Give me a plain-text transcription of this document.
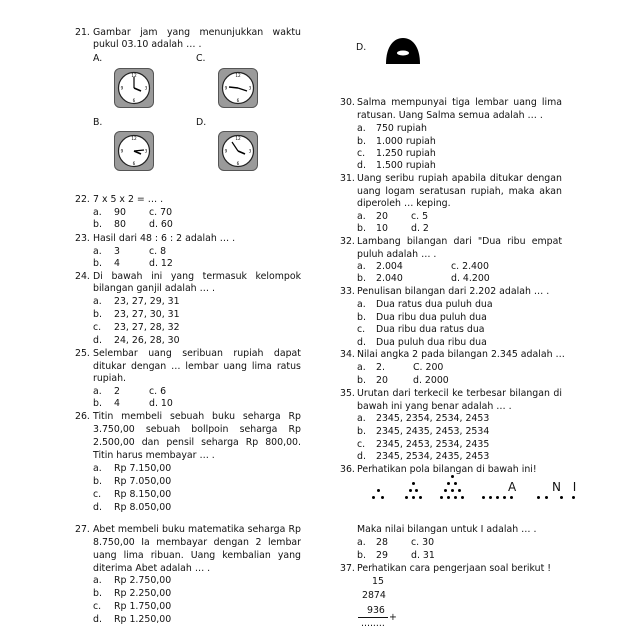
21. Gambar jam yang menunjukkan waktu
pukul 03.10 adalah … .
A.	C.
B.	D.
12
3
6
9
12
3
6
9
12
3
6
9
12
3
6
9
22. 7 x 5 x 2 = … .
a. 90 c. 70
b. 80 d. 60
23. Hasil dari 48 : 6 : 2 adalah … .
a. 3	c. 8
b. 4	d. 12
24. Di bawah ini yang termasuk kelompok
bilangan ganjil adalah … .
a. 23, 27, 29, 31
b. 23, 27, 30, 31
c. 23, 27, 28, 32
d. 24, 26, 28, 30
25. Selembar uang seribuan rupiah dapat
ditukar dengan … lembar uang lima ratus
rupiah.
a. 2	c. 6
b. 4	d. 10
26. Titin membeli sebuah buku seharga Rp
3.750,00 sebuah bollpoin seharga Rp
2.500,00 dan pensil seharga Rp 800,00.
Titin harus membayar … .
a. Rp 7.150,00
b. Rp 7.050,00
c. Rp 8.150,00
d. Rp 8.050,00
27. Abet membeli buku matematika seharga Rp
8.750,00 Ia membayar dengan 2 lembar
uang lima ribuan. Uang kembalian yang
diterima Abet adalah … .
a. Rp 2.750,00
b. Rp 2.250,00
c. Rp 1.750,00
d. Rp 1.250,00
D.
30. Salma mempunyai tiga lembar uang lima
ratusan. Uang Salma semua adalah … .
a. 750 rupiah
b. 1.000 rupiah
c. 1.250 rupiah
d. 1.500 rupiah
31. Uang seribu rupiah apabila ditukar dengan
uang logam seratusan rupiah, maka akan
diperoleh … keping.
a. 20 c. 5
b. 10 d. 2
32. Lambang bilangan dari "Dua ribu empat
puluh adalah … .
a. 2.004	c. 2.400
b. 2.040	d. 4.200
33. Penulisan bilangan dari 2.202 adalah … .
a. Dua ratus dua puluh dua
b. Dua ribu dua puluh dua
c. Dua ribu dua ratus dua
d. Dua puluh dua ribu dua
34. Nilai angka 2 pada bilangan 2.345 adalah …
a. 2.	C. 200
b. 20	d. 2000
35. Urutan dari terkecil ke terbesar bilangan di
bawah ini yang benar adalah … .
a. 2345, 2354, 2534, 2453
b. 2345, 2435, 2453, 2534
c. 2345, 2453, 2534, 2435
d. 2345, 2534, 2435, 2453
36. Perhatikan pola bilangan di bawah ini!
A	N I
Maka nilai bilangan untuk I adalah … .
a. 28 c. 30
b. 29 d. 31
37. Perhatikan cara pengerjaan soal berikut !
15
2874
936
+
........
